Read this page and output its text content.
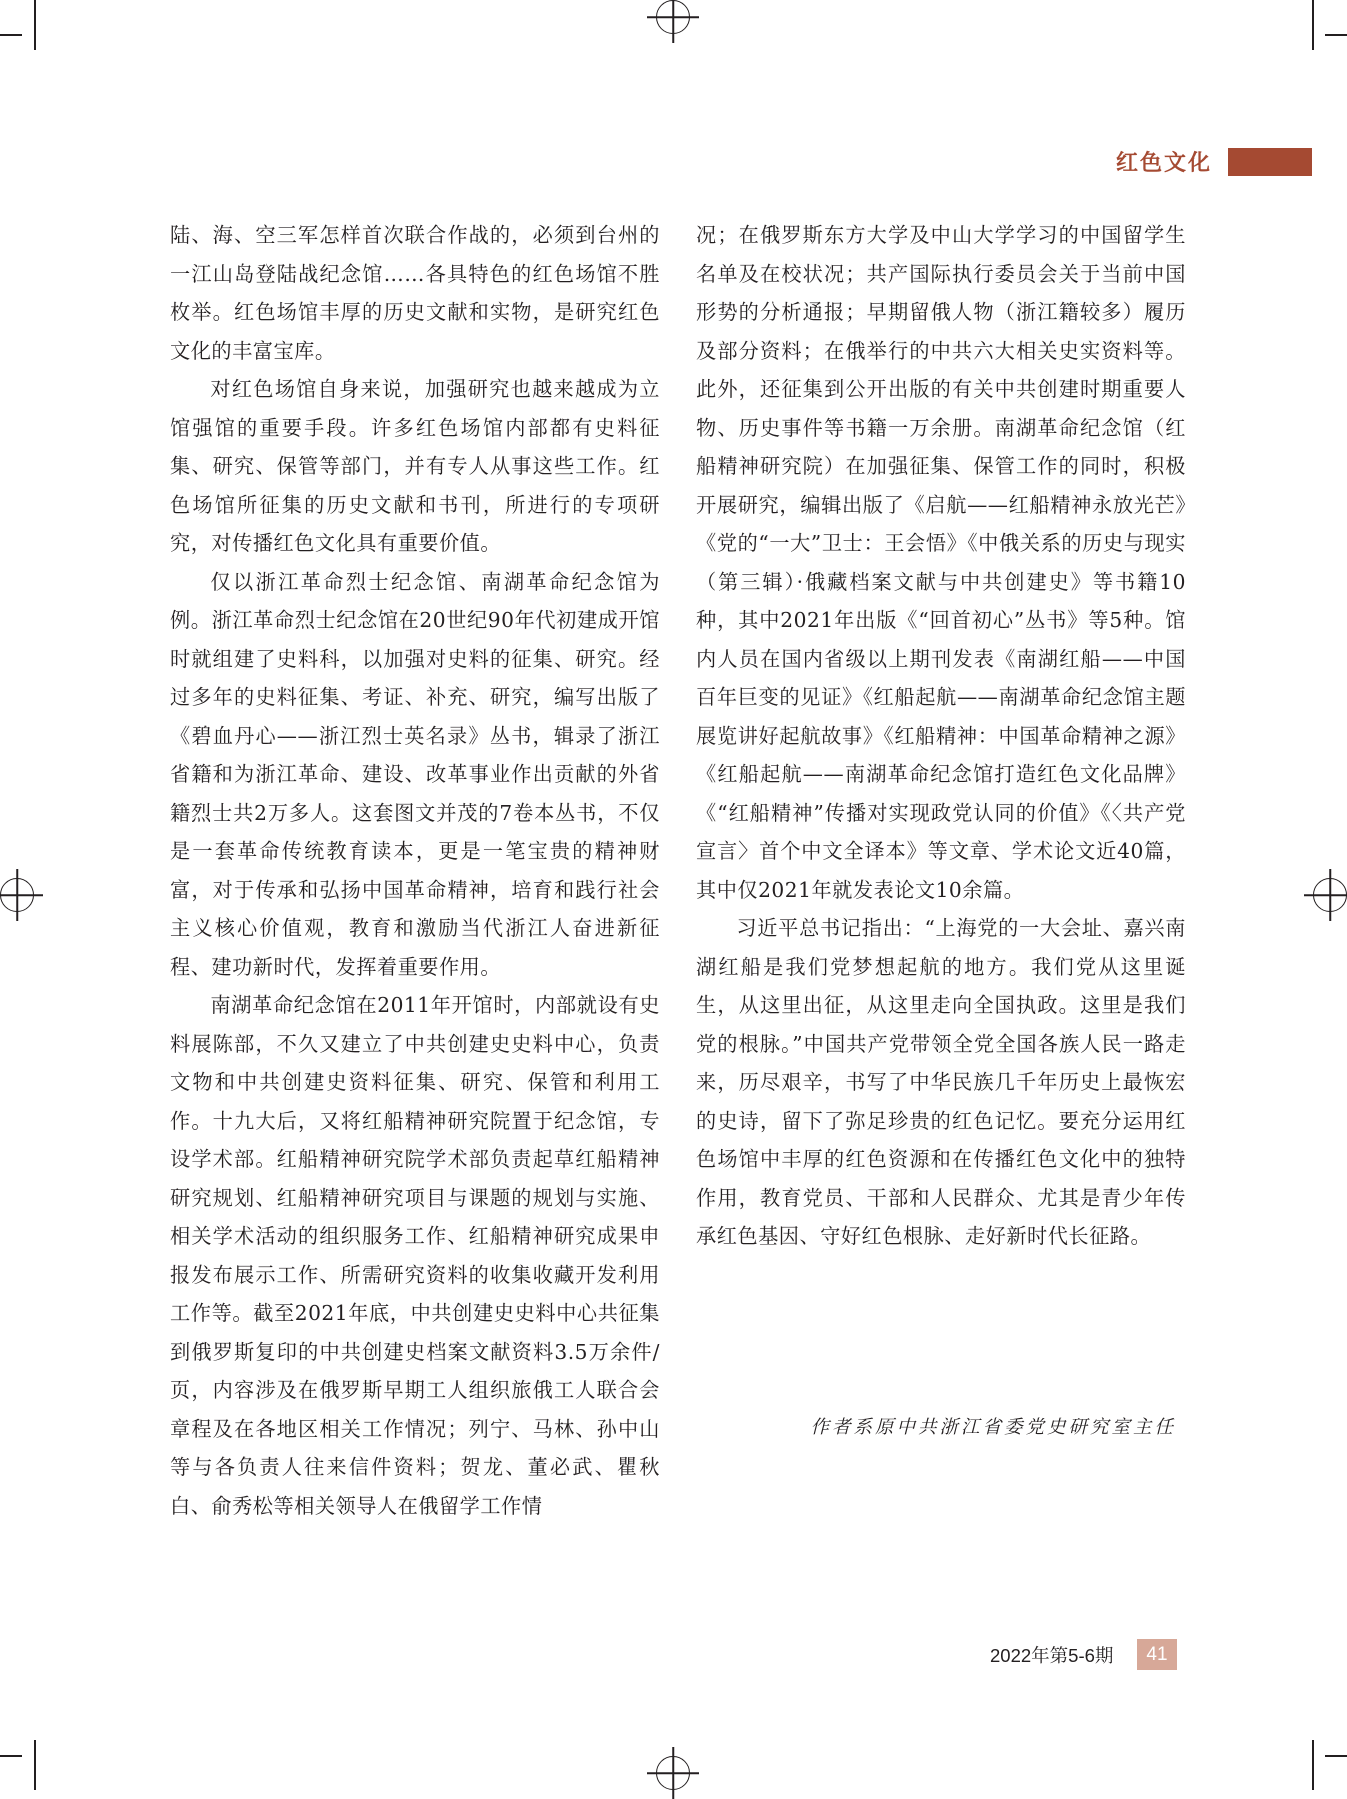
红色文化

陆、海、空三军怎样首次联合作战的，必须到台州的一江山岛登陆战纪念馆……各具特色的红色场馆不胜枚举。红色场馆丰厚的历史文献和实物，是研究红色文化的丰富宝库。

对红色场馆自身来说，加强研究也越来越成为立馆强馆的重要手段。许多红色场馆内部都有史料征集、研究、保管等部门，并有专人从事这些工作。红色场馆所征集的历史文献和书刊，所进行的专项研究，对传播红色文化具有重要价值。

仅以浙江革命烈士纪念馆、南湖革命纪念馆为例。浙江革命烈士纪念馆在20世纪90年代初建成开馆时就组建了史料科，以加强对史料的征集、研究。经过多年的史料征集、考证、补充、研究，编写出版了《碧血丹心——浙江烈士英名录》丛书，辑录了浙江省籍和为浙江革命、建设、改革事业作出贡献的外省籍烈士共2万多人。这套图文并茂的7卷本丛书，不仅是一套革命传统教育读本，更是一笔宝贵的精神财富，对于传承和弘扬中国革命精神，培育和践行社会主义核心价值观，教育和激励当代浙江人奋进新征程、建功新时代，发挥着重要作用。

南湖革命纪念馆在2011年开馆时，内部就设有史料展陈部，不久又建立了中共创建史史料中心，负责文物和中共创建史资料征集、研究、保管和利用工作。十九大后，又将红船精神研究院置于纪念馆，专设学术部。红船精神研究院学术部负责起草红船精神研究规划、红船精神研究项目与课题的规划与实施、相关学术活动的组织服务工作、红船精神研究成果申报发布展示工作、所需研究资料的收集收藏开发利用工作等。截至2021年底，中共创建史史料中心共征集到俄罗斯复印的中共创建史档案文献资料3.5万余件/页，内容涉及在俄罗斯早期工人组织旅俄工人联合会章程及在各地区相关工作情况；列宁、马林、孙中山等与各负责人往来信件资料；贺龙、董必武、瞿秋白、俞秀松等相关领导人在俄留学工作情

况；在俄罗斯东方大学及中山大学学习的中国留学生名单及在校状况；共产国际执行委员会关于当前中国形势的分析通报；早期留俄人物（浙江籍较多）履历及部分资料；在俄举行的中共六大相关史实资料等。此外，还征集到公开出版的有关中共创建时期重要人物、历史事件等书籍一万余册。南湖革命纪念馆（红船精神研究院）在加强征集、保管工作的同时，积极开展研究，编辑出版了《启航——红船精神永放光芒》《党的“一大”卫士：王会悟》《中俄关系的历史与现实（第三辑）·俄藏档案文献与中共创建史》等书籍10种，其中2021年出版《“回首初心”丛书》等5种。馆内人员在国内省级以上期刊发表《南湖红船——中国百年巨变的见证》《红船起航——南湖革命纪念馆主题展览讲好起航故事》《红船精神：中国革命精神之源》《红船起航——南湖革命纪念馆打造红色文化品牌》《“红船精神”传播对实现政党认同的价值》《〈共产党宣言〉首个中文全译本》等文章、学术论文近40篇，其中仅2021年就发表论文10余篇。

习近平总书记指出：“上海党的一大会址、嘉兴南湖红船是我们党梦想起航的地方。我们党从这里诞生，从这里出征，从这里走向全国执政。这里是我们党的根脉。”中国共产党带领全党全国各族人民一路走来，历尽艰辛，书写了中华民族几千年历史上最恢宏的史诗，留下了弥足珍贵的红色记忆。要充分运用红色场馆中丰厚的红色资源和在传播红色文化中的独特作用，教育党员、干部和人民群众、尤其是青少年传承红色基因、守好红色根脉、走好新时代长征路。

作者系原中共浙江省委党史研究室主任
2022年第5-6期	41
